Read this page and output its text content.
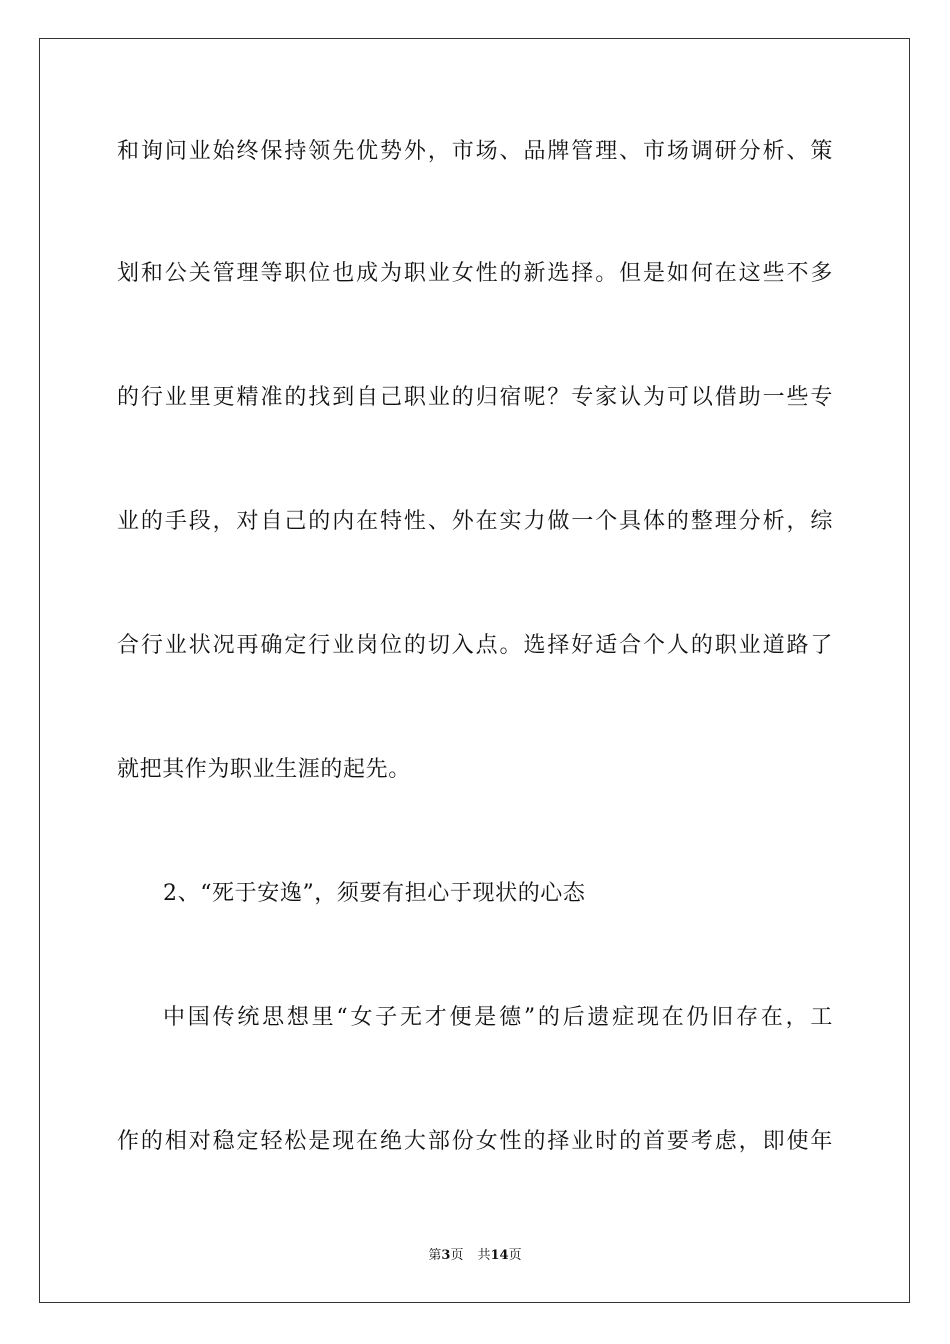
和询问业始终保持领先优势外，市场、品牌管理、市场调研分析、策
划和公关管理等职位也成为职业女性的新选择。但是如何在这些不多
的行业里更精准的找到自己职业的归宿呢？专家认为可以借助一些专
业的手段，对自己的内在特性、外在实力做一个具体的整理分析，综
合行业状况再确定行业岗位的切入点。选择好适合个人的职业道路了
就把其作为职业生涯的起先。
2、“死于安逸”，须要有担心于现状的心态
中国传统思想里“女子无才便是德”的后遗症现在仍旧存在，工
作的相对稳定轻松是现在绝大部份女性的择业时的首要考虑，即使年
第3页 共14页
